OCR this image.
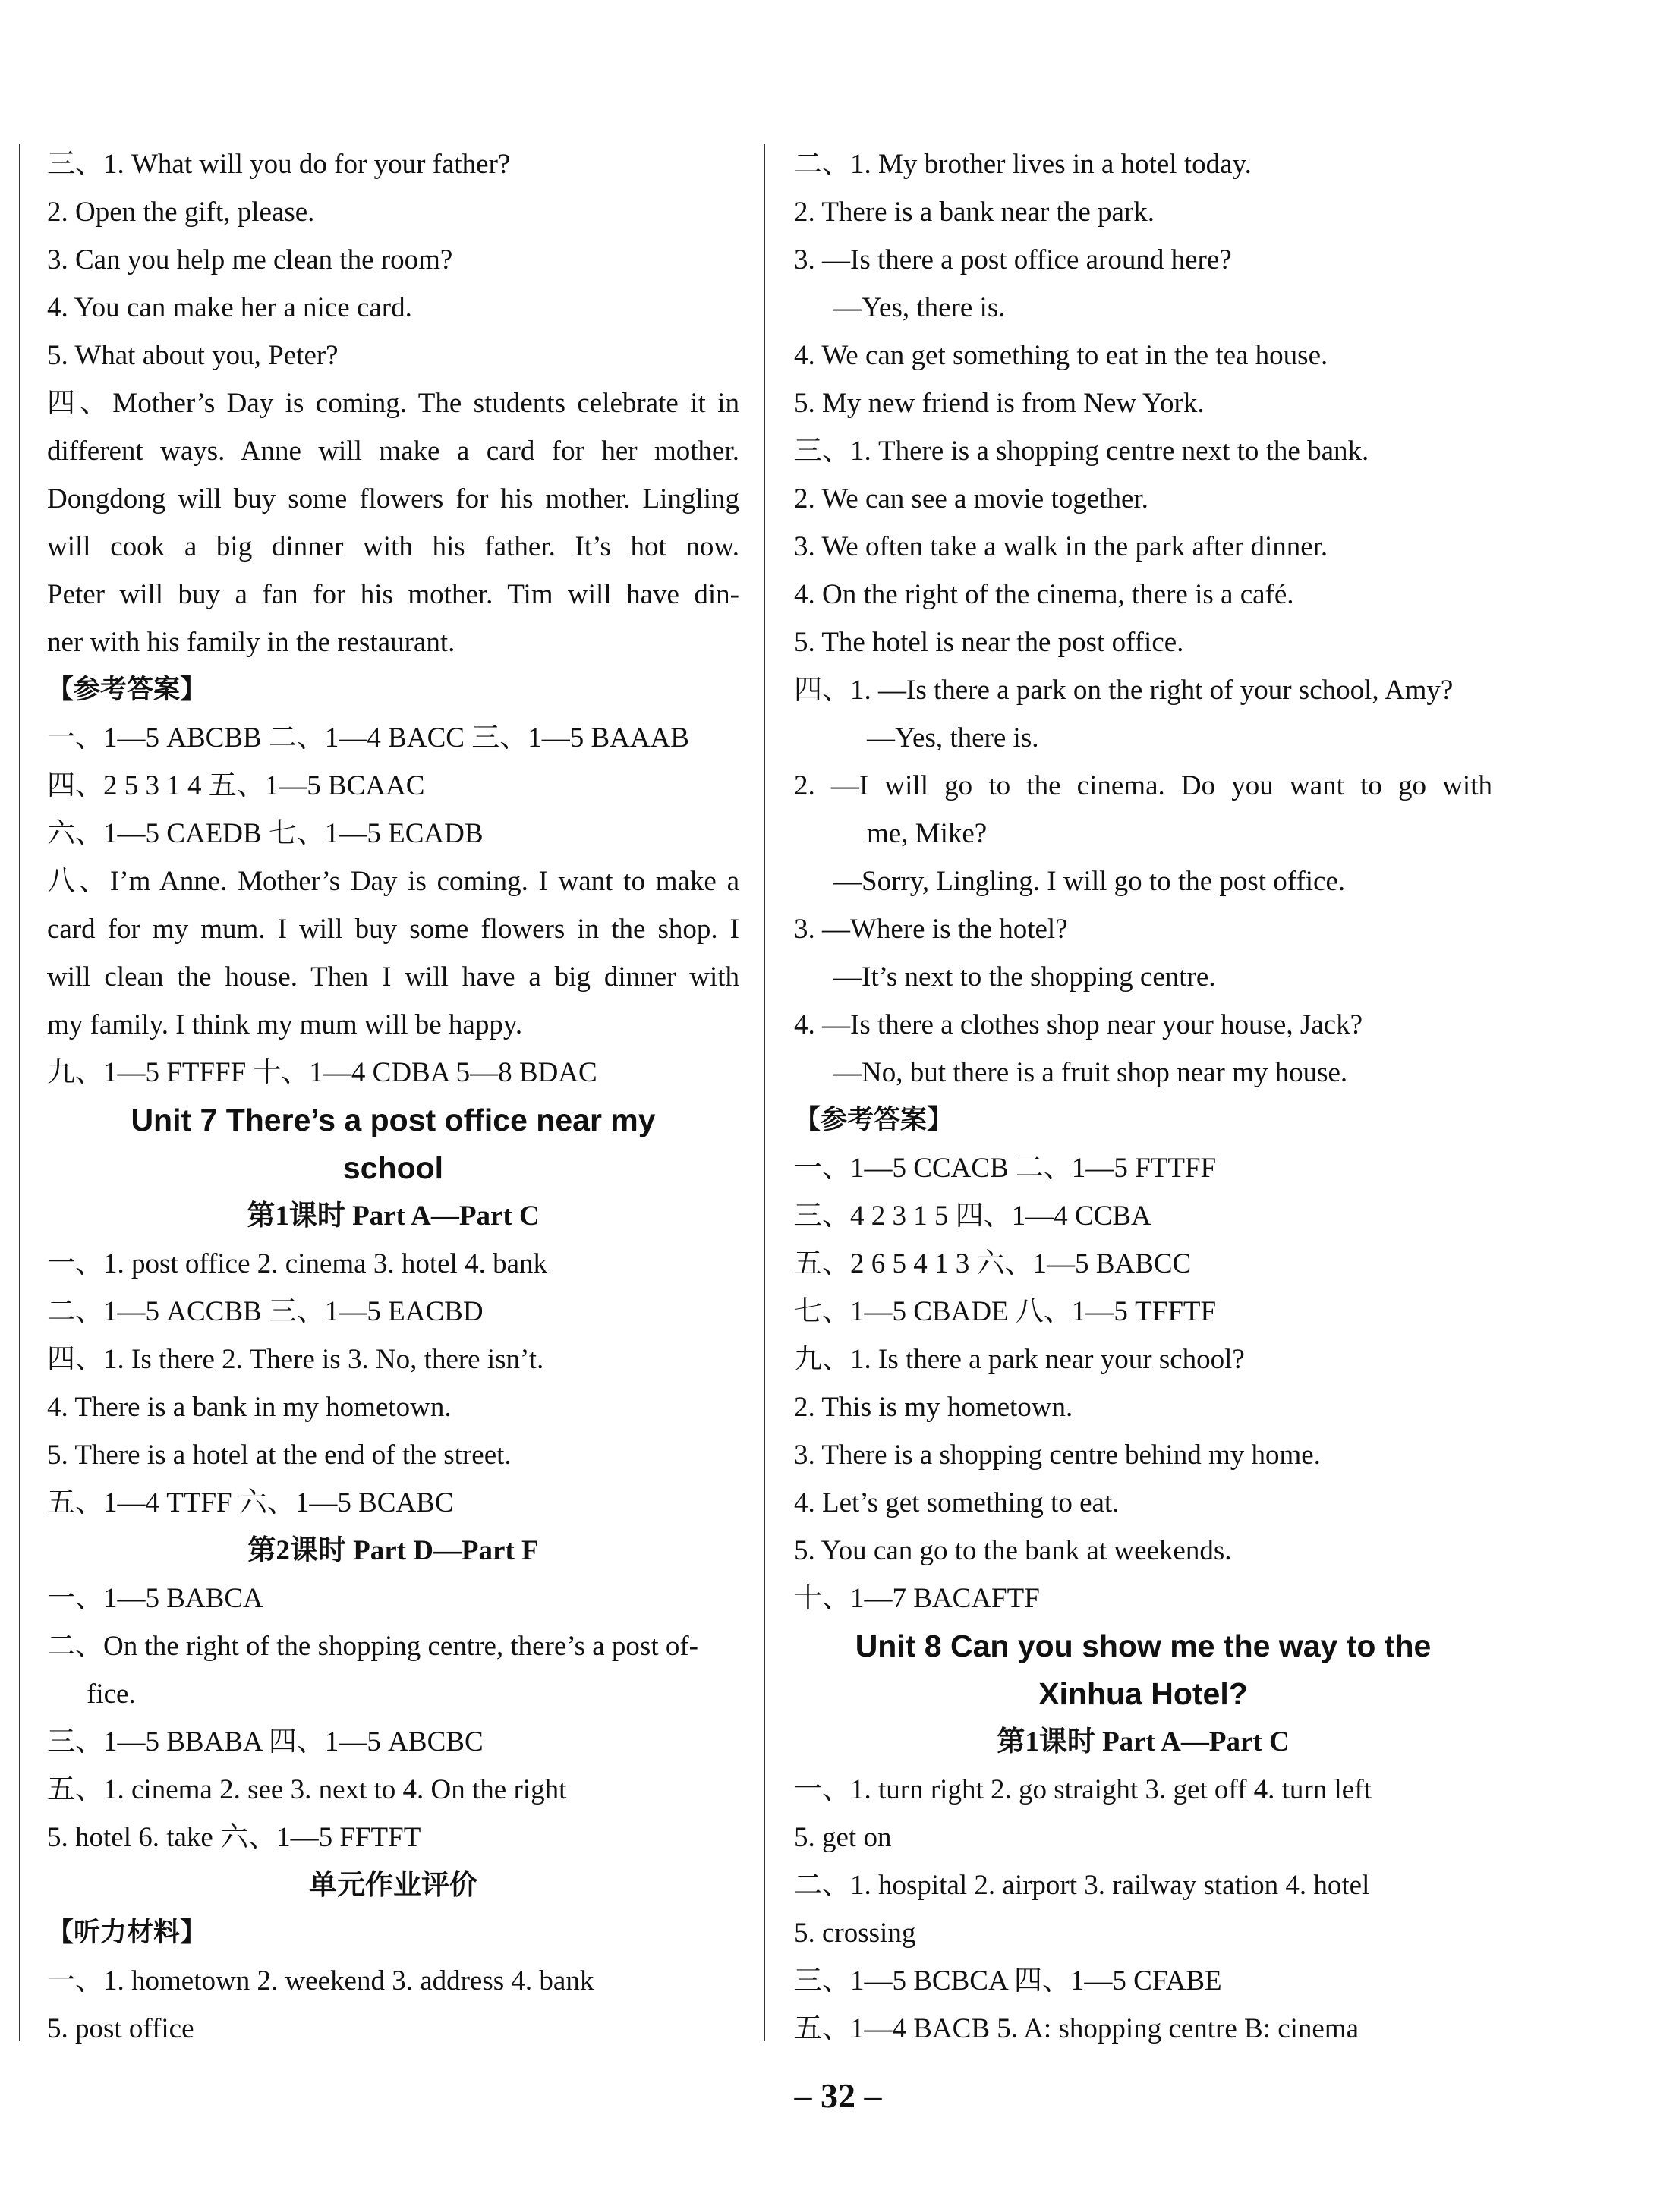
三、1. What will you do for your father?
2. Open the gift, please.
3. Can you help me clean the room?
4. You can make her a nice card.
5. What about you, Peter?
四、Mother’s Day is coming. The students celebrate it in
different ways. Anne will make a card for her mother.
Dongdong will buy some flowers for his mother. Lingling
will cook a big dinner with his father. It’s hot now.
Peter will buy a fan for his mother. Tim will have din-
ner with his family in the restaurant.
【参考答案】
一、1—5 ABCBB 二、1—4 BACC 三、1—5 BAAAB
四、2 5 3 1 4 五、1—5 BCAAC
六、1—5 CAEDB 七、1—5 ECADB
八、I’m Anne. Mother’s Day is coming. I want to make a
card for my mum. I will buy some flowers in the shop. I
will clean the house. Then I will have a big dinner with
my family. I think my mum will be happy.
九、1—5 FTFFF 十、1—4 CDBA 5—8 BDAC
Unit 7 There’s a post office near my
school
第1课时 Part A—Part C
一、1. post office 2. cinema 3. hotel 4. bank
二、1—5 ACCBB 三、1—5 EACBD
四、1. Is there 2. There is 3. No, there isn’t.
4. There is a bank in my hometown.
5. There is a hotel at the end of the street.
五、1—4 TTFF 六、1—5 BCABC
第2课时 Part D—Part F
一、1—5 BABCA
二、On the right of the shopping centre, there’s a post of-
fice.
三、1—5 BBABA 四、1—5 ABCBC
五、1. cinema 2. see 3. next to 4. On the right
5. hotel 6. take 六、1—5 FFTFT
单元作业评价
【听力材料】
一、1. hometown 2. weekend 3. address 4. bank
5. post office
二、1. My brother lives in a hotel today.
2. There is a bank near the park.
3. —Is there a post office around here?
—Yes, there is.
4. We can get something to eat in the tea house.
5. My new friend is from New York.
三、1. There is a shopping centre next to the bank.
2. We can see a movie together.
3. We often take a walk in the park after dinner.
4. On the right of the cinema, there is a café.
5. The hotel is near the post office.
四、1. —Is there a park on the right of your school, Amy?
—Yes, there is.
2. —I will go to the cinema. Do you want to go with
me, Mike?
—Sorry, Lingling. I will go to the post office.
3. —Where is the hotel?
—It’s next to the shopping centre.
4. —Is there a clothes shop near your house, Jack?
—No, but there is a fruit shop near my house.
【参考答案】
一、1—5 CCACB 二、1—5 FTTFF
三、4 2 3 1 5 四、1—4 CCBA
五、2 6 5 4 1 3 六、1—5 BABCC
七、1—5 CBADE 八、1—5 TFFTF
九、1. Is there a park near your school?
2. This is my hometown.
3. There is a shopping centre behind my home.
4. Let’s get something to eat.
5. You can go to the bank at weekends.
十、1—7 BACAFTF
Unit 8 Can you show me the way to the
Xinhua Hotel?
第1课时 Part A—Part C
一、1. turn right 2. go straight 3. get off 4. turn left
5. get on
二、1. hospital 2. airport 3. railway station 4. hotel
5. crossing
三、1—5 BCBCA 四、1—5 CFABE
五、1—4 BACB 5. A: shopping centre B: cinema
– 32 –
